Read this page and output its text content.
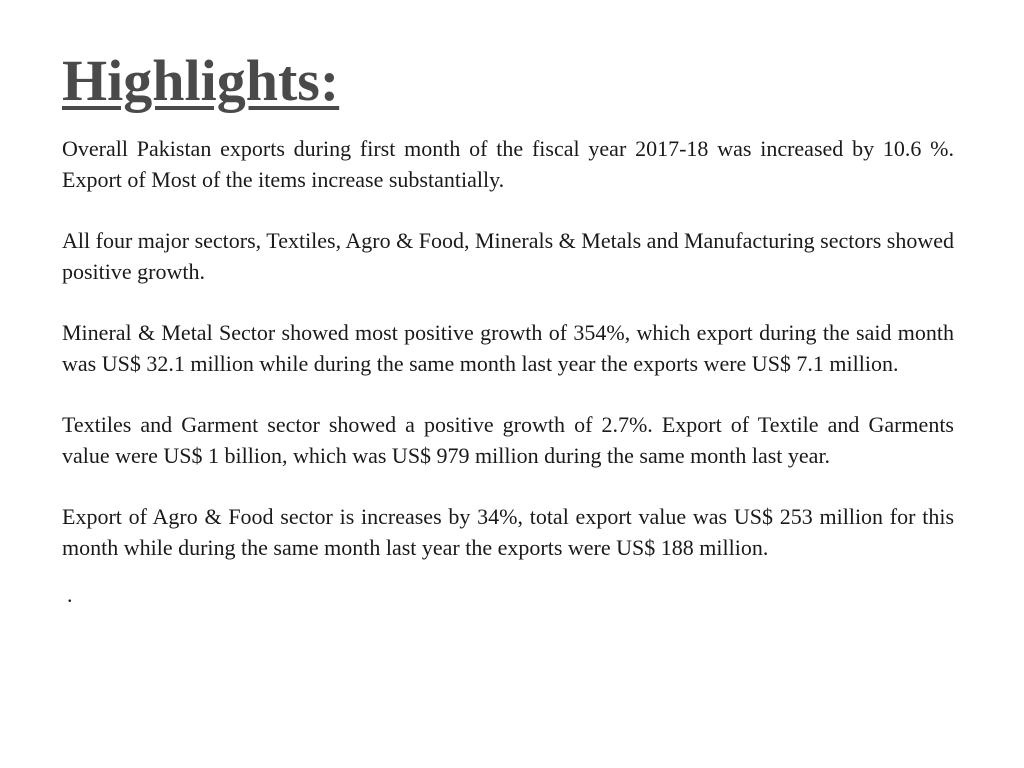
Highlights:

Overall Pakistan exports during first month of the fiscal year 2017-18 was increased by 10.6 %. Export of Most of the items increase substantially.

All four major sectors, Textiles, Agro & Food, Minerals & Metals and Manufacturing sectors showed positive growth.

Mineral & Metal Sector showed most positive growth of 354%, which export during the said month was US$ 32.1 million while during the same month last year the exports were US$ 7.1 million.

Textiles and Garment sector showed a positive growth of 2.7%. Export of Textile and Garments value were US$ 1 billion, which was US$ 979 million during the same month last year.

Export of Agro & Food sector is increases by 34%, total export value was US$ 253 million for this month while during the same month last year the exports were US$ 188 million.

.
